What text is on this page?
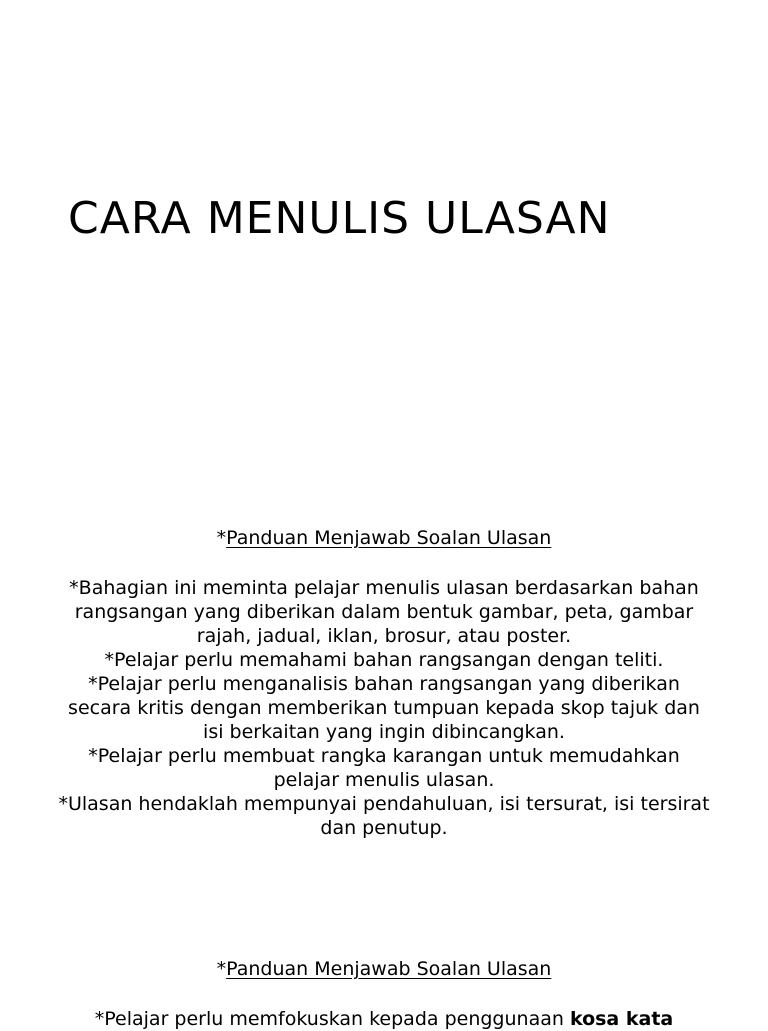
CARA MENULIS ULASAN

*Panduan Menjawab Soalan Ulasan

*Bahagian ini meminta pelajar menulis ulasan berdasarkan bahan

rangsangan yang diberikan dalam bentuk gambar, peta, gambar

rajah, jadual, iklan, brosur, atau poster.

*Pelajar perlu memahami bahan rangsangan dengan teliti.

*Pelajar perlu menganalisis bahan rangsangan yang diberikan

secara kritis dengan memberikan tumpuan kepada skop tajuk dan

isi berkaitan yang ingin dibincangkan.

*Pelajar perlu membuat rangka karangan untuk memudahkan

pelajar menulis ulasan.

*Ulasan hendaklah mempunyai pendahuluan, isi tersurat, isi tersirat

dan penutup.

*Panduan Menjawab Soalan Ulasan

*Pelajar perlu memfokuskan kepada penggunaan kosa kata
